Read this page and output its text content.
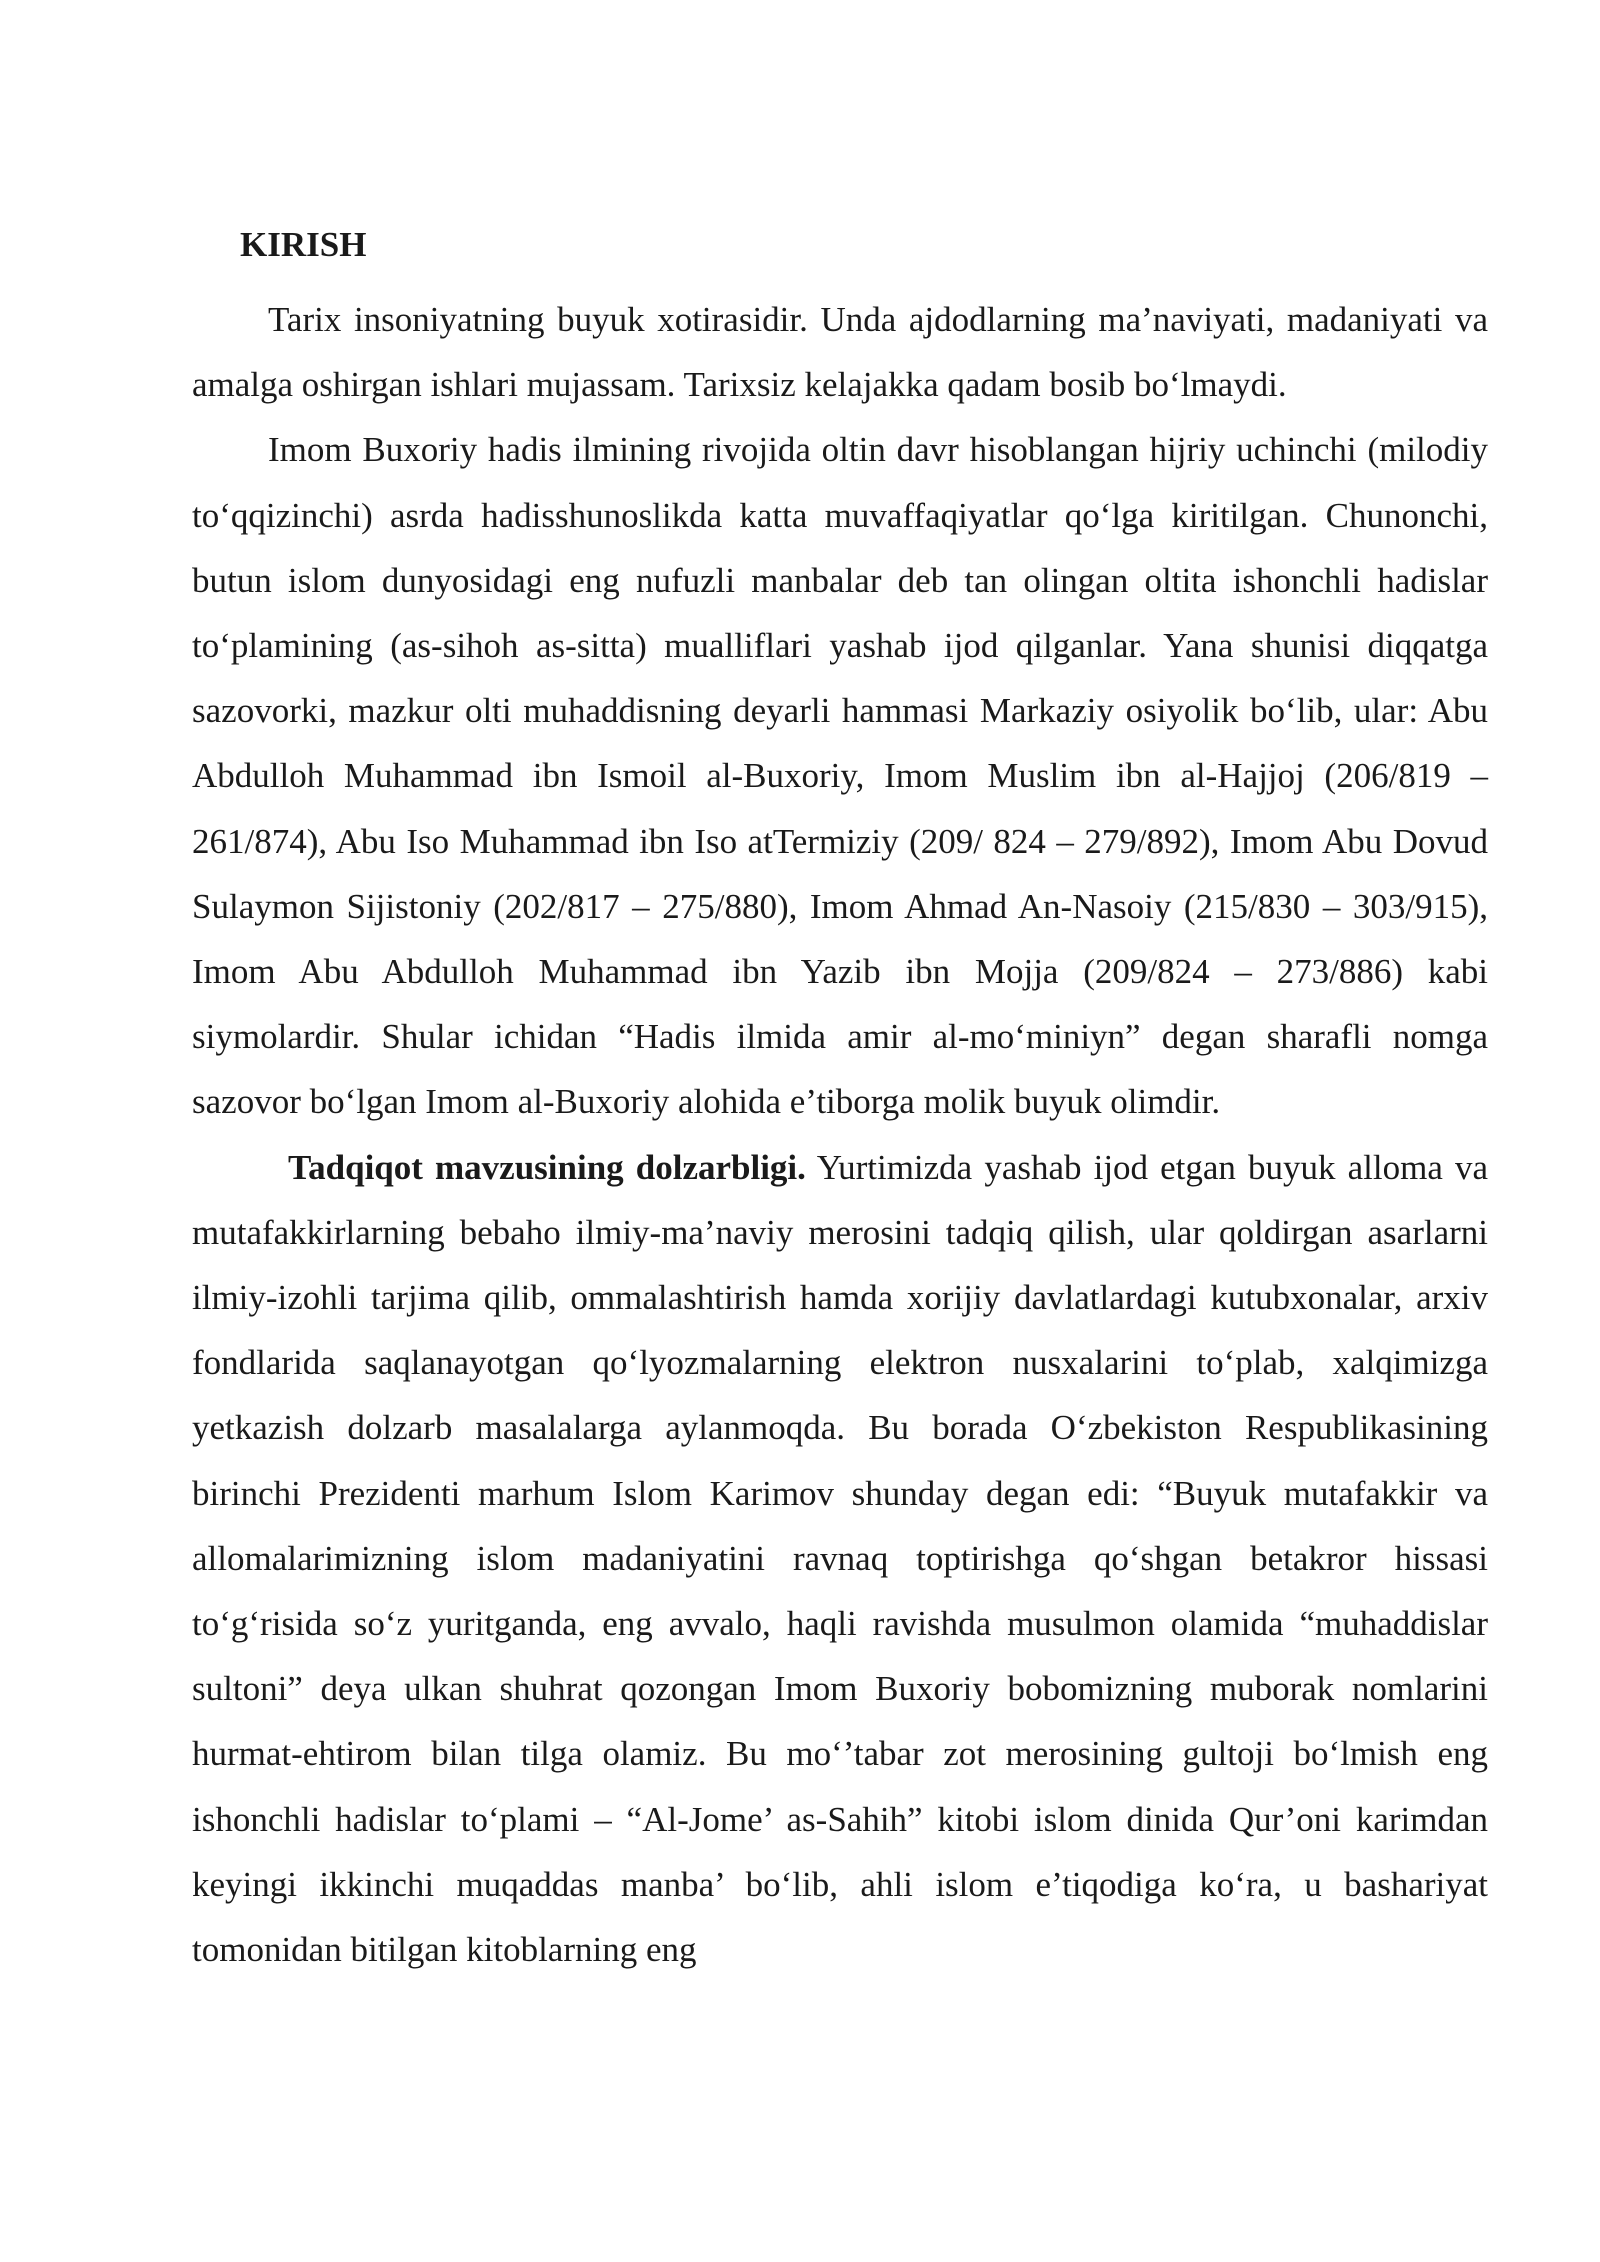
KIRISH

Tarix insoniyatning buyuk xotirasidir. Unda ajdodlarning ma’naviyati, madaniyati va amalga oshirgan ishlari mujassam. Tarixsiz kelajakka qadam bosib bo‘lmaydi.

Imom Buxoriy hadis ilmining rivojida oltin davr hisoblangan hijriy uchinchi (milodiy to‘qqizinchi) asrda hadisshunoslikda katta muvaffaqiyatlar qo‘lga kiritilgan. Chunonchi, butun islom dunyosidagi eng nufuzli manbalar deb tan olingan oltita ishonchli hadislar to‘plamining (as-sihoh as-sitta) mualliflari yashab ijod qilganlar. Yana shunisi diqqatga sazovorki, mazkur olti muhaddisning deyarli hammasi Markaziy osiyolik bo‘lib, ular: Abu Abdulloh Muhammad ibn Ismoil al-Buxoriy, Imom Muslim ibn al-Hajjoj (206/819 – 261/874), Abu Iso Muhammad ibn Iso atTermiziy (209/ 824 – 279/892), Imom Abu Dovud Sulaymon Sijistoniy (202/817 – 275/880), Imom Ahmad An-Nasoiy (215/830 – 303/915), Imom Abu Abdulloh Muhammad ibn Yazib ibn Mojja (209/824 – 273/886) kabi siymolardir. Shular ichidan “Hadis ilmida amir al-mo‘miniyn” degan sharafli nomga sazovor bo‘lgan Imom al-Buxoriy alohida e’tiborga molik buyuk olimdir.

Tadqiqot mavzusining dolzarbligi. Yurtimizda yashab ijod etgan buyuk alloma va mutafakkirlarning bebaho ilmiy-ma’naviy merosini tadqiq qilish, ular qoldirgan asarlarni ilmiy-izohli tarjima qilib, ommalashtirish hamda xorijiy davlatlardagi kutubxonalar, arxiv fondlarida saqlanayotgan qo‘lyozmalarning elektron nusxalarini to‘plab, xalqimizga yetkazish dolzarb masalalarga aylanmoqda. Bu borada O‘zbekiston Respublikasining birinchi Prezidenti marhum Islom Karimov shunday degan edi: “Buyuk mutafakkir va allomalarimizning islom madaniyatini ravnaq toptirishga qo‘shgan betakror hissasi to‘g‘risida so‘z yuritganda, eng avvalo, haqli ravishda musulmon olamida “muhaddislar sultoni” deya ulkan shuhrat qozongan Imom Buxoriy bobomizning muborak nomlarini hurmat-ehtirom bilan tilga olamiz. Bu mo‘’tabar zot merosining gultoji bo‘lmish eng ishonchli hadislar to‘plami – “Al-Jome’ as-Sahih” kitobi islom dinida Qur’oni karimdan keyingi ikkinchi muqaddas manba’ bo‘lib, ahli islom e’tiqodiga ko‘ra, u bashariyat tomonidan bitilgan kitoblarning eng
